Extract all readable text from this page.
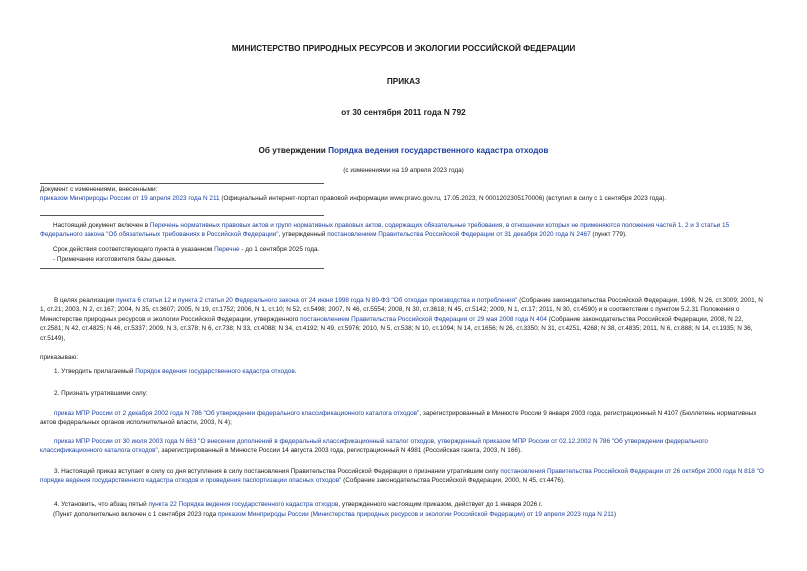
МИНИСТЕРСТВО ПРИРОДНЫХ РЕСУРСОВ И ЭКОЛОГИИ РОССИЙСКОЙ ФЕДЕРАЦИИ
ПРИКАЗ
от 30 сентября 2011 года N 792
Об утверждении Порядка ведения государственного кадастра отходов
(с изменениями на 19 апреля 2023 года)
Документ с изменениями, внесенными:
приказом Минприроды России от 19 апреля 2023 года N 211 (Официальный интернет-портал правовой информации www.pravo.gov.ru, 17.05.2023, N 0001202305170006) (вступил в силу с 1 сентября 2023 года).
Настоящий документ включен в Перечень нормативных правовых актов и групп нормативных правовых актов, содержащих обязательные требования, в отношении которых не применяются положения частей 1, 2 и 3 статьи 15 Федерального закона "Об обязательных требованиях в Российской Федерации", утвержденный постановлением Правительства Российской Федерации от 31 декабря 2020 года N 2467 (пункт 779).
Срок действия соответствующего пункта в указанном Перечне - до 1 сентября 2025 года.
- Примечание изготовителя базы данных.
В целях реализации пункта 6 статьи 12 и пункта 2 статьи 20 Федерального закона от 24 июня 1998 года N 89-ФЗ "Об отходах производства и потребления" (Собрание законодательства Российской Федерации, 1998, N 26, ст.3009; 2001, N 1, ст.21; 2003, N 2, ст.167; 2004, N 35, ст.3607; 2005, N 19, ст.1752; 2006, N 1, ст.10; N 52, ст.5498; 2007, N 46, ст.5554; 2008, N 30, ст.3618; N 45, ст.5142; 2009, N 1, ст.17; 2011, N 30, ст.4590) и в соответствии с пунктом 5.2.31 Положения о Министерстве природных ресурсов и экологии Российской Федерации, утвержденного постановлением Правительства Российской Федерации от 29 мая 2008 года N 404 (Собрание законодательства Российской Федерации, 2008, N 22, ст.2581; N 42, ст.4825; N 46, ст.5337; 2009, N 3, ст.378; N 6, ст.738; N 33, ст.4088; N 34, ст.4192; N 49, ст.5976; 2010, N 5, ст.538; N 10, ст.1094; N 14, ст.1656; N 26, ст.3350; N 31, ст.4251, 4268; N 38, ст.4835; 2011, N 6, ст.888; N 14, ст.1935; N 36, ст.5149),
приказываю:
1. Утвердить прилагаемый Порядок ведения государственного кадастра отходов.
2. Признать утратившими силу:
приказ МПР России от 2 декабря 2002 года N 786 "Об утверждении федерального классификационного каталога отходов", зарегистрированный в Минюсте России 9 января 2003 года, регистрационный N 4107 (Бюллетень нормативных актов федеральных органов исполнительной власти, 2003, N 4);
приказ МПР России от 30 июля 2003 года N 663 "О внесении дополнений в федеральный классификационный каталог отходов, утвержденный приказом МПР России от 02.12.2002 N 786 "Об утверждении федерального классификационного каталога отходов", зарегистрированный в Минюсте России 14 августа 2003 года, регистрационный N 4981 (Российская газета, 2003, N 166).
3. Настоящий приказ вступает в силу со дня вступления в силу постановления Правительства Российской Федерации о признании утратившим силу постановления Правительства Российской Федерации от 26 октября 2000 года N 818 "О порядке ведения государственного кадастра отходов и проведения паспортизации опасных отходов" (Собрание законодательства Российской Федерации, 2000, N 45, ст.4476).
4. Установить, что абзац пятый пункта 22 Порядка ведения государственного кадастра отходов, утвержденного настоящим приказом, действует до 1 января 2026 г.
(Пункт дополнительно включен с 1 сентября 2023 года приказом Минприроды России (Министерства природных ресурсов и экологии Российской Федерации) от 19 апреля 2023 года N 211)
